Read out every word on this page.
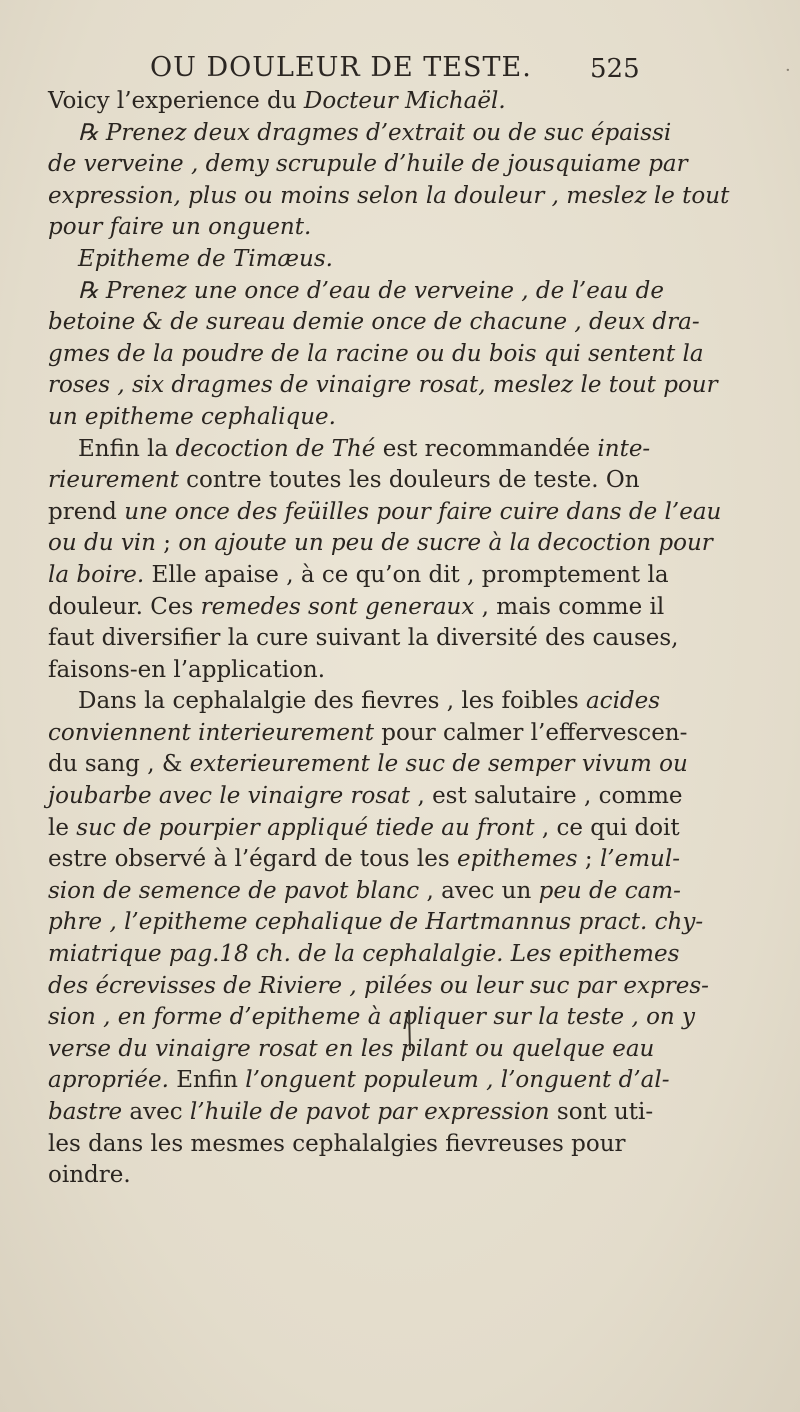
OU DOULEUR DE TESTE. 525	·
Voicy l’experience du Docteur Michaël.
℞ Prenez deux dragmes d’extrait ou de suc épaissi
de verveine , demy scrupule d’huile de jousquiame par
expression, plus ou moins selon la douleur , meslez le tout
pour faire un onguent.
Epitheme de Timæus.
℞ Prenez une once d’eau de verveine , de l’eau de
betoine & de sureau demie once de chacune , deux dra-
gmes de la poudre de la racine ou du bois qui sentent la
roses , six dragmes de vinaigre rosat, meslez le tout pour
un epitheme cephalique.
Enfin la decoction de Thé est recommandée inte-
rieurement contre toutes les douleurs de teste. On
prend une once des feüilles pour faire cuire dans de l’eau
ou du vin ; on ajoute un peu de sucre à la decoction pour
la boire. Elle apaise , à ce qu’on dit , promptement la
douleur. Ces remedes sont generaux , mais comme il
faut diversifier la cure suivant la diversité des causes,
faisons-en l’application.
Dans la cephalalgie des fievres , les foibles acides
conviennent interieurement pour calmer l’effervescen-
du sang , & exterieurement le suc de semper vivum ou
joubarbe avec le vinaigre rosat , est salutaire , comme
le suc de pourpier appliqué tiede au front , ce qui doit
estre observé à l’égard de tous les epithemes ; l’emul-
sion de semence de pavot blanc , avec un peu de cam-
phre , l’epitheme cephalique de Hartmannus pract. chy-
miatrique pag.18 ch. de la cephalalgie. Les epithemes
des écrevisses de Riviere , pilées ou leur suc par expres-
sion , en forme d’epitheme à apliquer sur la teste , on y
verse du vinaigre rosat en les pilant ou quelque eau
apropriée. Enfin l’onguent populeum , l’onguent d’al-
bastre avec l’huile de pavot par expression sont uti-
les dans les mesmes cephalalgies fievreuses pour
oindre.
